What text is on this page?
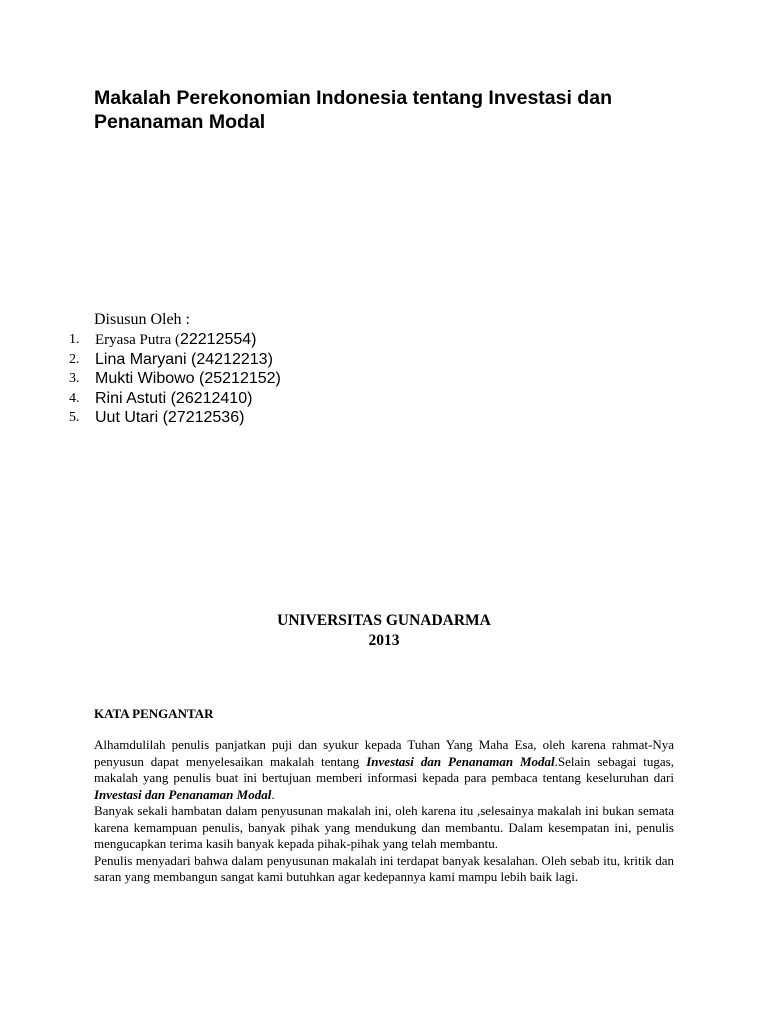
Makalah Perekonomian Indonesia tentang Investasi dan
Penanaman Modal

Disusun Oleh :

1.	Eryasa Putra (22212554)
2. Lina Maryani (24212213)
3. Mukti Wibowo (25212152)
4. Rini Astuti (26212410)
5. Uut Utari (27212536)
UNIVERSITAS GUNADARMA
2013
KATA PENGANTAR

Alhamdulilah penulis panjatkan puji dan syukur kepada Tuhan Yang Maha Esa, oleh karena rahmat-Nya penyusun dapat menyelesaikan makalah tentang Investasi dan Penanaman Modal.Selain sebagai tugas, makalah yang penulis buat ini bertujuan memberi informasi kepada para pembaca tentang keseluruhan dari Investasi dan Penanaman Modal.

Banyak sekali hambatan dalam penyusunan makalah ini, oleh karena itu ,selesainya makalah ini bukan semata karena kemampuan penulis, banyak pihak yang mendukung dan membantu. Dalam kesempatan ini, penulis mengucapkan terima kasih banyak kepada pihak-pihak yang telah membantu.

Penulis menyadari bahwa dalam penyusunan makalah ini terdapat banyak kesalahan. Oleh sebab itu, kritik dan saran yang membangun sangat kami butuhkan agar kedepannya kami mampu lebih baik lagi.
